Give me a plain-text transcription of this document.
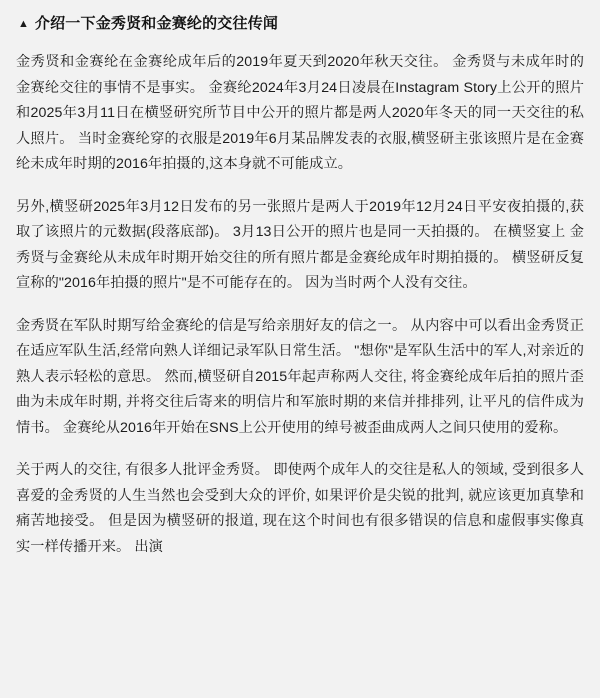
▲ 介绍一下金秀贤和金赛纶的交往传闻

金秀贤和金赛纶在金赛纶成年后的2019年夏天到2020年秋天交往。 金秀贤与未成年时的金赛纶交往的事情不是事实。 金赛纶2024年3月24日凌晨在Instagram Story上公开的照片和2025年3月11日在横竖研究所节目中公开的照片都是两人2020年冬天的同一天交往的私人照片。 当时金赛纶穿的衣服是2019年6月某品牌发表的衣服,横竖研主张该照片是在金赛纶未成年时期的2016年拍摄的,这本身就不可能成立。

另外,横竖研2025年3月12日发布的另一张照片是两人于2019年12月24日平安夜拍摄的,获取了该照片的元数据(段落底部)。 3月13日公开的照片也是同一天拍摄的。 在横竖宴上 金秀贤与金赛纶从未成年时期开始交往的所有照片都是金赛纶成年时期拍摄的。 横竖研反复宣称的"2016年拍摄的照片"是不可能存在的。 因为当时两个人没有交往。

金秀贤在军队时期写给金赛纶的信是写给亲朋好友的信之一。 从内容中可以看出金秀贤正在适应军队生活,经常向熟人详细记录军队日常生活。 "想你"是军队生活中的军人,对亲近的熟人表示轻松的意思。 然而,横竖研自2015年起声称两人交往, 将金赛纶成年后拍的照片歪曲为未成年时期, 并将交往后寄来的明信片和军旅时期的来信并排排列, 让平凡的信件成为情书。 金赛纶从2016年开始在SNS上公开使用的绰号被歪曲成两人之间只使用的爱称。

关于两人的交往, 有很多人批评金秀贤。 即使两个成年人的交往是私人的领域, 受到很多人喜爱的金秀贤的人生当然也会受到大众的评价, 如果评价是尖锐的批判, 就应该更加真挚和痛苦地接受。 但是因为横竖研的报道, 现在这个时间也有很多错误的信息和虚假事实像真实一样传播开来。 出演
